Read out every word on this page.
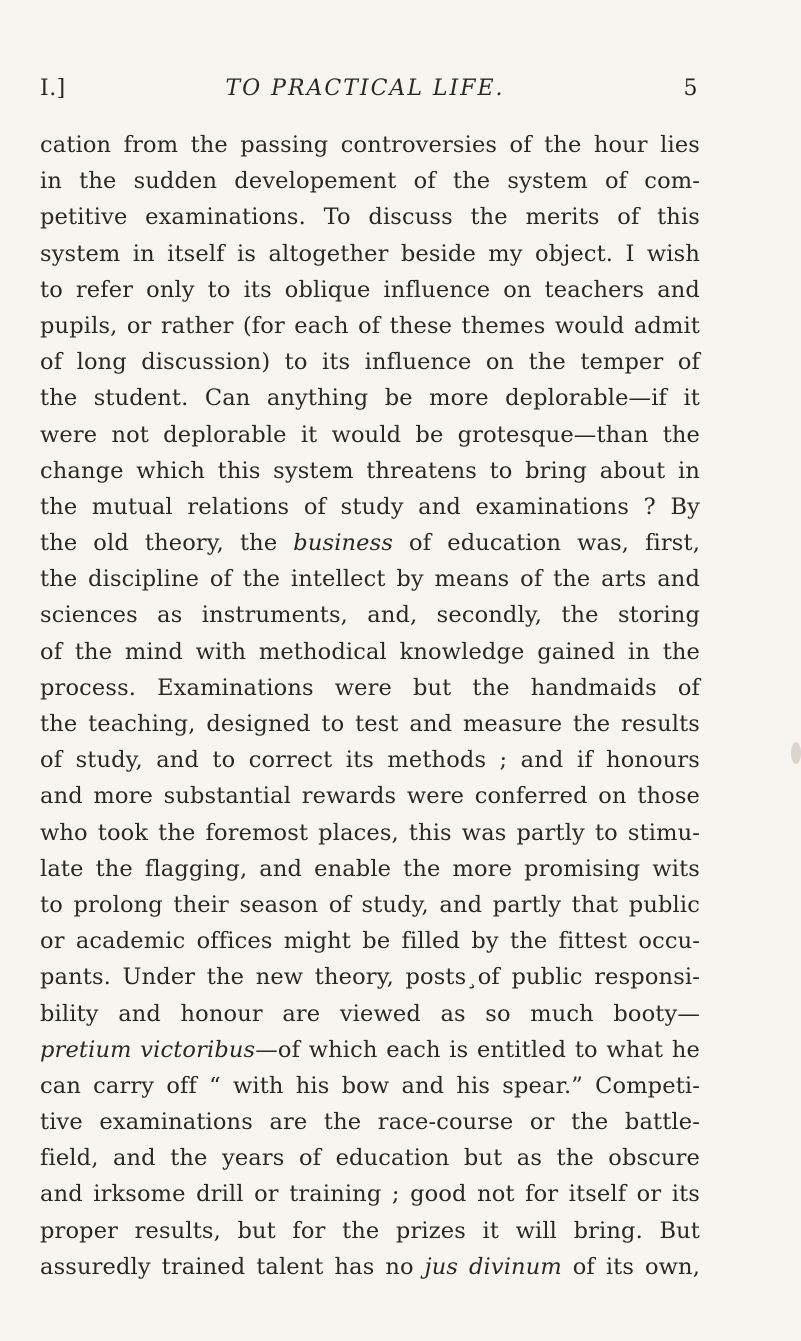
I.]	TO PRACTICAL LIFE.	5
cation from the passing controversies of the hour lies
in the sudden developement of the system of com-
petitive examinations. To discuss the merits of this
system in itself is altogether beside my object. I wish
to refer only to its oblique influence on teachers and
pupils, or rather (for each of these themes would admit
of long discussion) to its influence on the temper of
the student. Can anything be more deplorable—if it
were not deplorable it would be grotesque—than the
change which this system threatens to bring about in
the mutual relations of study and examinations ? By
the old theory, the business of education was, first,
the discipline of the intellect by means of the arts and
sciences as instruments, and, secondly, the storing
of the mind with methodical knowledge gained in the
process. Examinations were but the handmaids of
the teaching, designed to test and measure the results
of study, and to correct its methods ; and if honours
and more substantial rewards were conferred on those
who took the foremost places, this was partly to stimu-
late the flagging, and enable the more promising wits
to prolong their season of study, and partly that public
or academic offices might be filled by the fittest occu-
pants. Under the new theory, posts¸of public responsi-
bility and honour are viewed as so much booty—
pretium victoribus—of which each is entitled to what he
can carry off “ with his bow and his spear.” Competi-
tive examinations are the race-course or the battle-
field, and the years of education but as the obscure
and irksome drill or training ; good not for itself or its
proper results, but for the prizes it will bring. But
assuredly trained talent has no jus divinum of its own,
